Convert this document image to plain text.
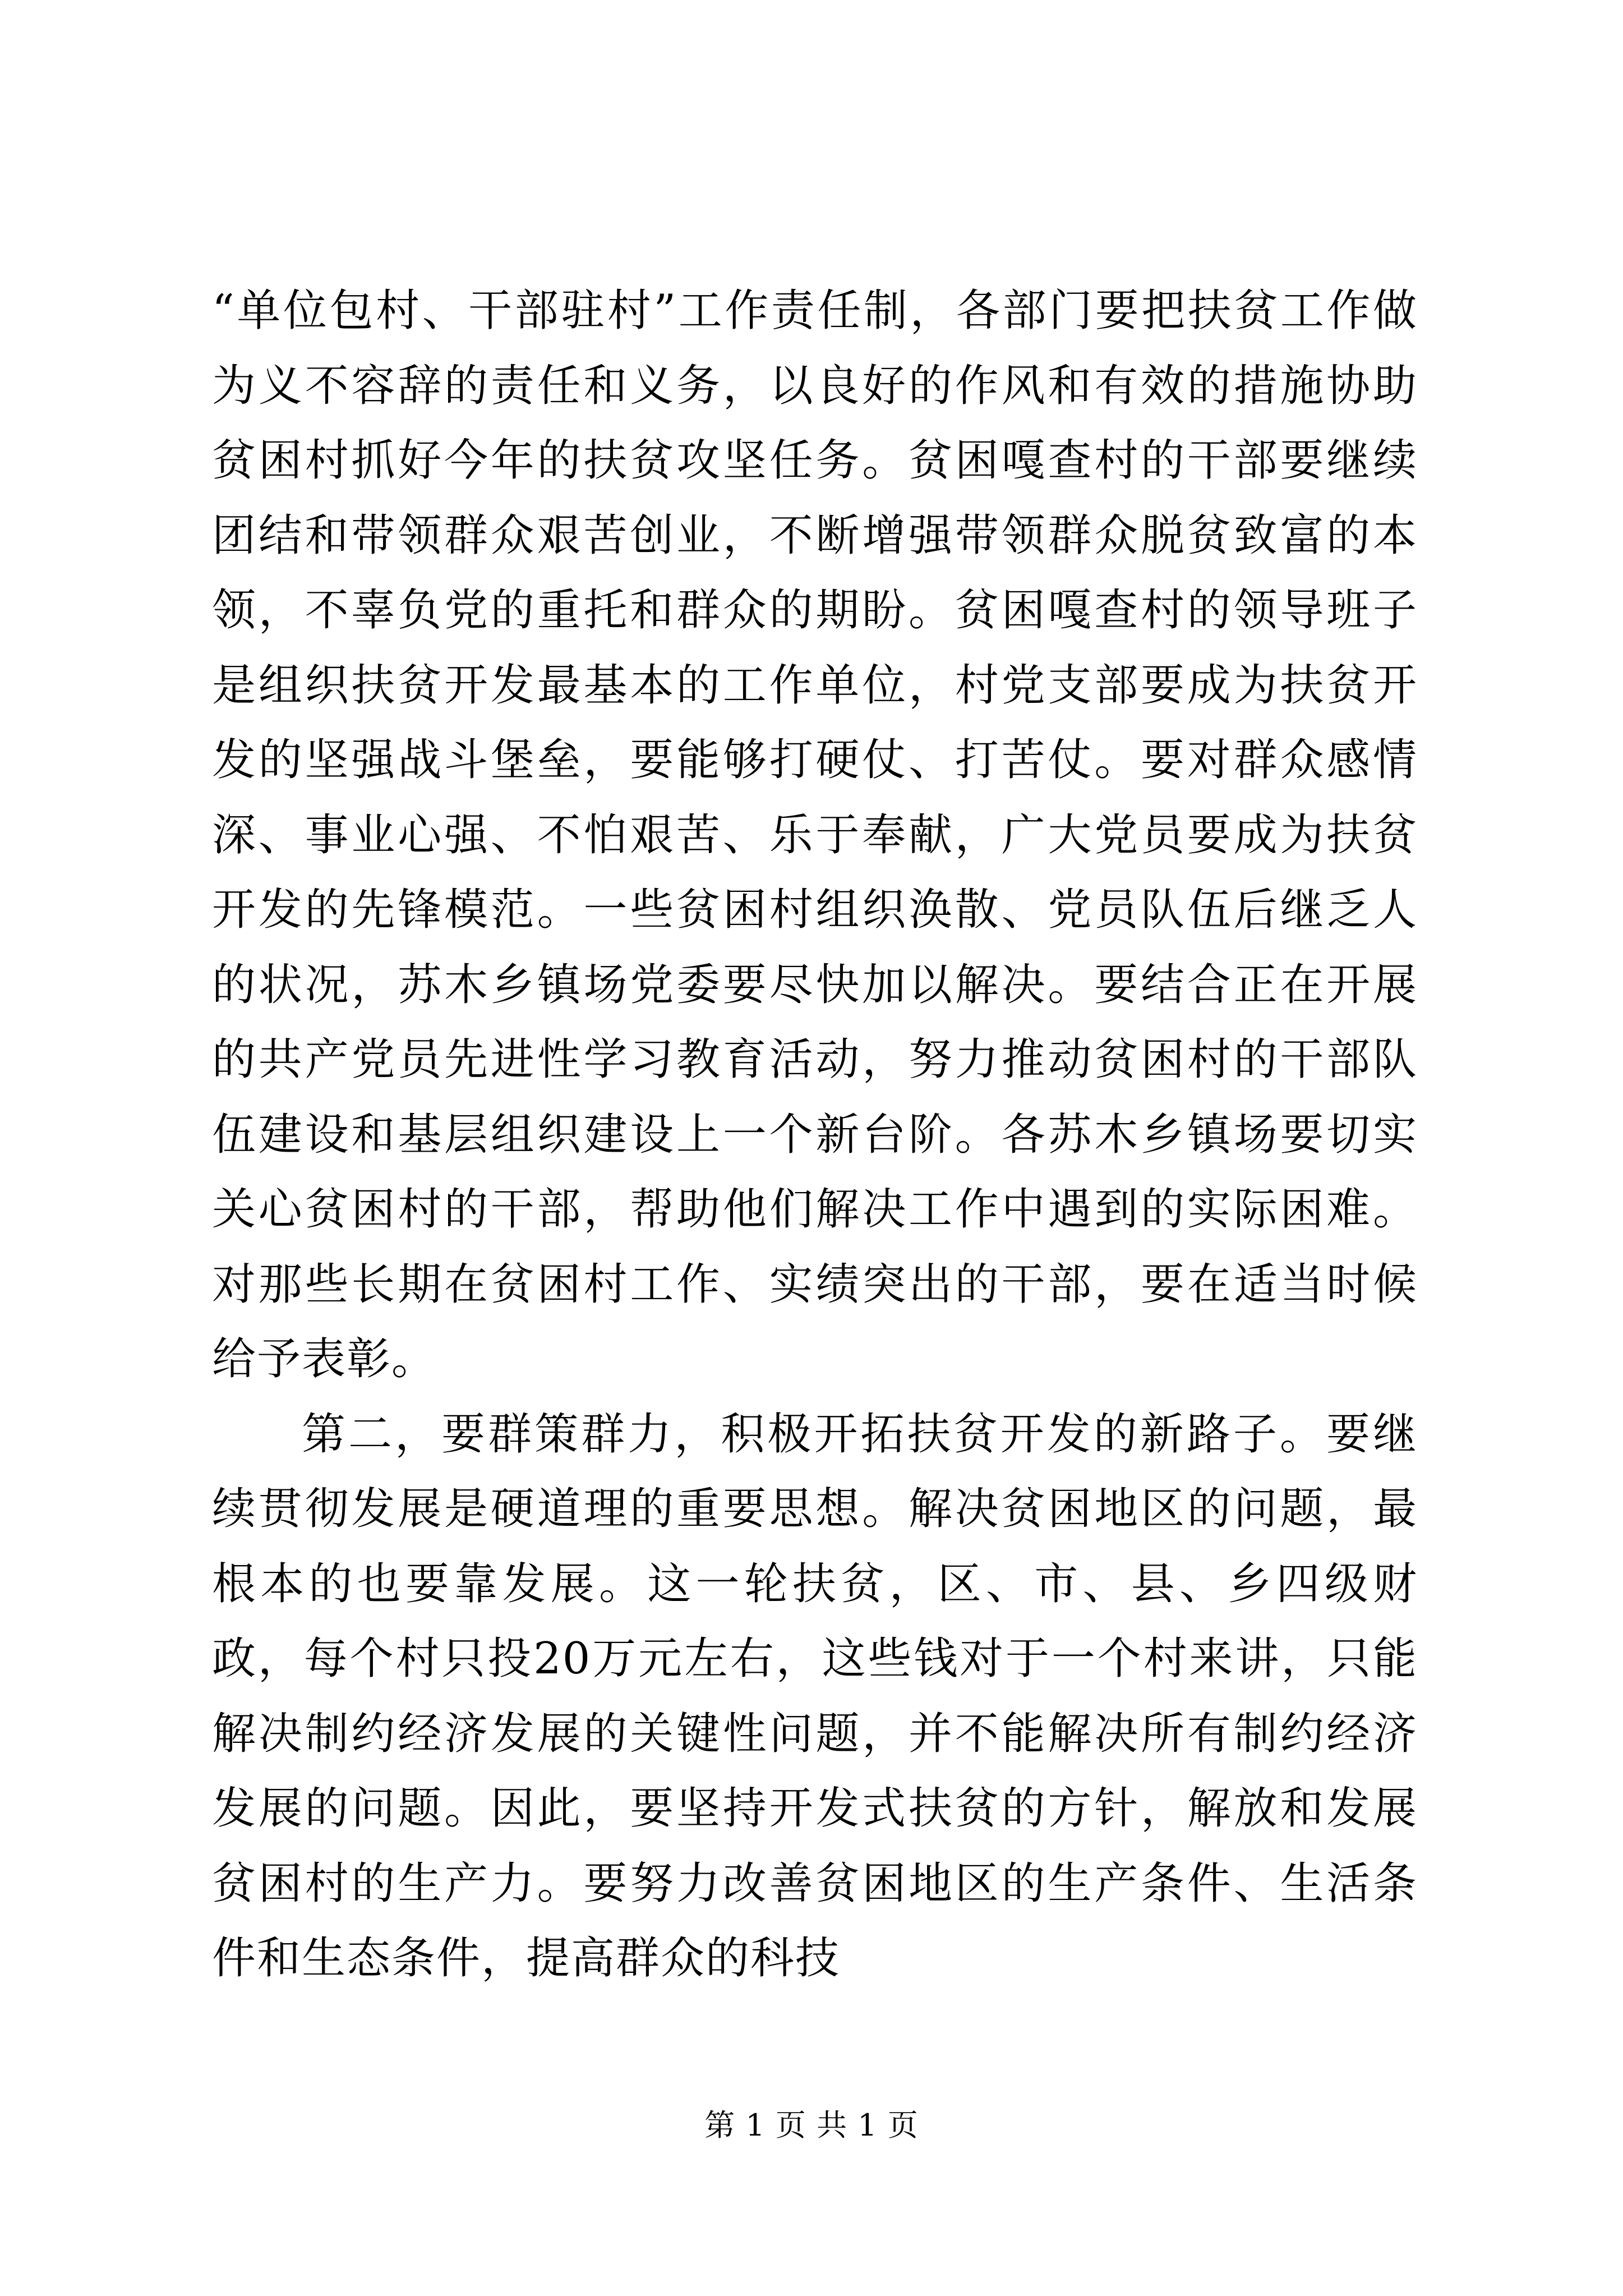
“单位包村、干部驻村”工作责任制，各部门要把扶贫工作做为义不容辞的责任和义务，以良好的作风和有效的措施协助贫困村抓好今年的扶贫攻坚任务。贫困嘎查村的干部要继续团结和带领群众艰苦创业，不断增强带领群众脱贫致富的本领，不辜负党的重托和群众的期盼。贫困嘎查村的领导班子是组织扶贫开发最基本的工作单位，村党支部要成为扶贫开发的坚强战斗堡垒，要能够打硬仗、打苦仗。要对群众感情深、事业心强、不怕艰苦、乐于奉献，广大党员要成为扶贫开发的先锋模范。一些贫困村组织涣散、党员队伍后继乏人的状况，苏木乡镇场党委要尽快加以解决。要结合正在开展的共产党员先进性学习教育活动，努力推动贫困村的干部队伍建设和基层组织建设上一个新台阶。各苏木乡镇场要切实关心贫困村的干部，帮助他们解决工作中遇到的实际困难。对那些长期在贫困村工作、实绩突出的干部，要在适当时候给予表彰。

第二，要群策群力，积极开拓扶贫开发的新路子。要继续贯彻发展是硬道理的重要思想。解决贫困地区的问题，最根本的也要靠发展。这一轮扶贫，区、市、县、乡四级财政，每个村只投20万元左右，这些钱对于一个村来讲，只能解决制约经济发展的关键性问题，并不能解决所有制约经济发展的问题。因此，要坚持开发式扶贫的方针，解放和发展贫困村的生产力。要努力改善贫困地区的生产条件、生活条件和生态条件，提高群众的科技

第 1 页 共 1 页
